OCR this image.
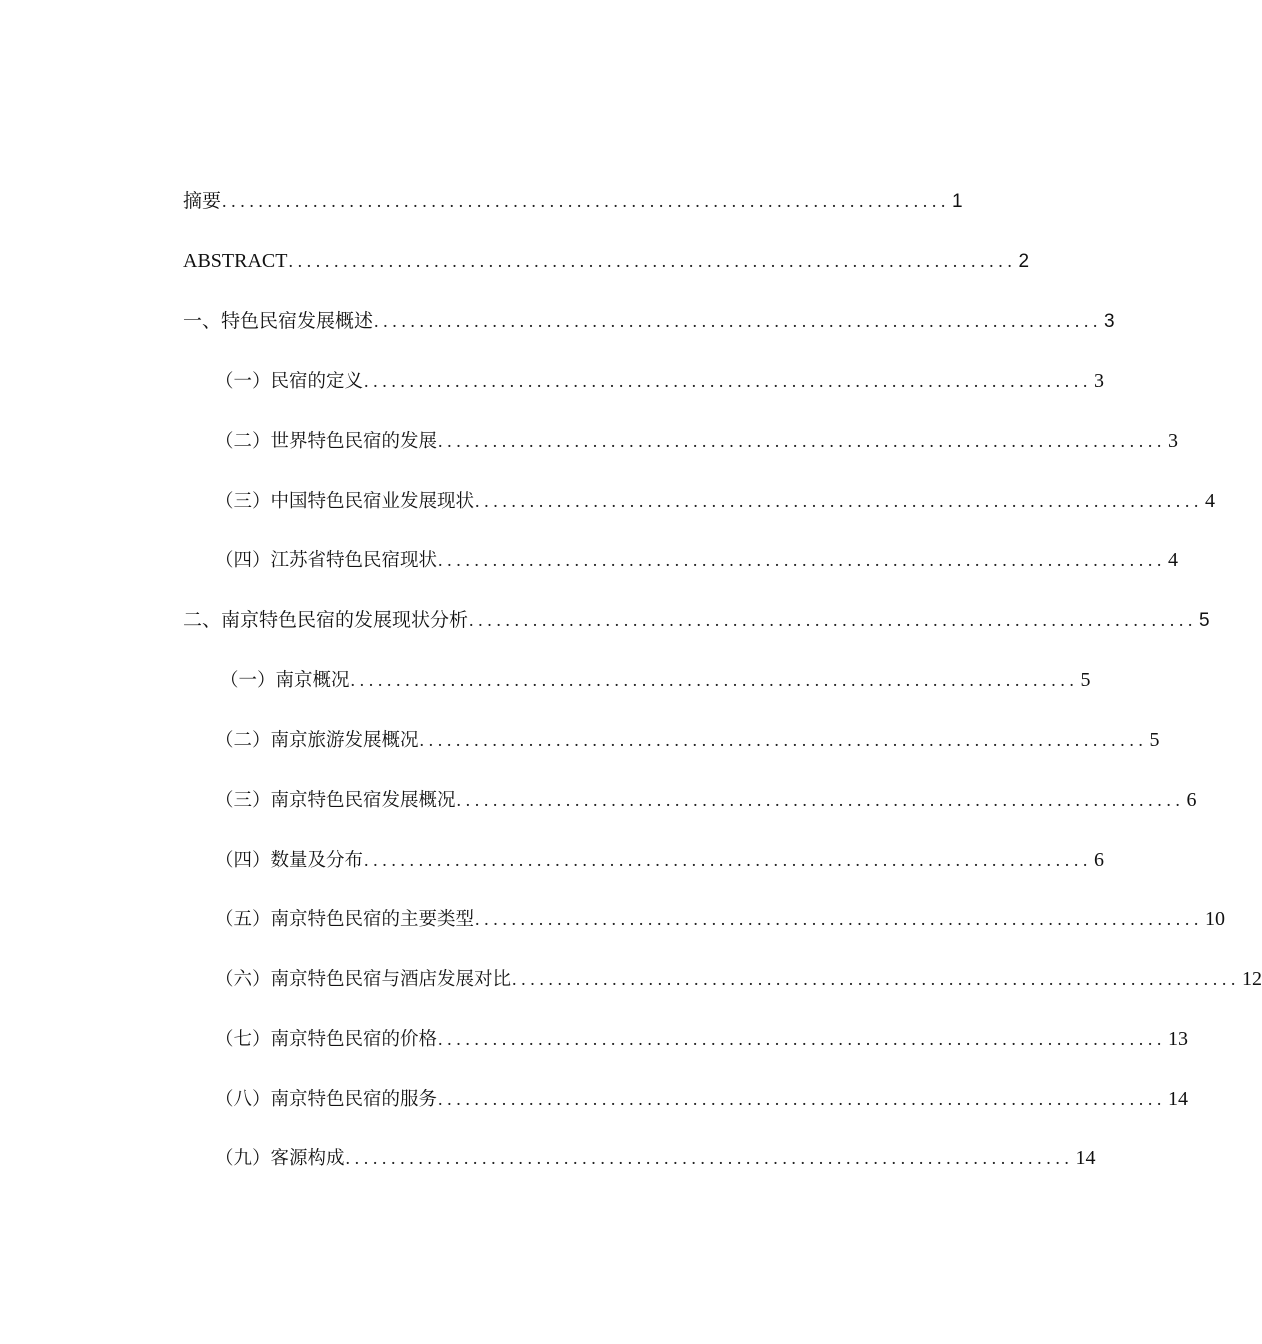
摘要 ................................................................................ 1
ABSTRACT ................................................................................ 2
一、特色民宿发展概述 ................................................................................ 3
（一）民宿的定义 ................................................................................ 3
（二）世界特色民宿的发展 ................................................................................ 3
（三）中国特色民宿业发展现状 ................................................................................ 4
（四）江苏省特色民宿现状 ................................................................................ 4
二、南京特色民宿的发展现状分析 ................................................................................ 5
（一）南京概况 ................................................................................ 5
（二）南京旅游发展概况 ................................................................................ 5
（三）南京特色民宿发展概况 ................................................................................ 6
（四）数量及分布 ................................................................................ 6
（五）南京特色民宿的主要类型 ................................................................................ 10
（六）南京特色民宿与酒店发展对比 ................................................................................ 12
（七）南京特色民宿的价格 ................................................................................ 13
（八）南京特色民宿的服务 ................................................................................ 14
（九）客源构成 ................................................................................ 14
